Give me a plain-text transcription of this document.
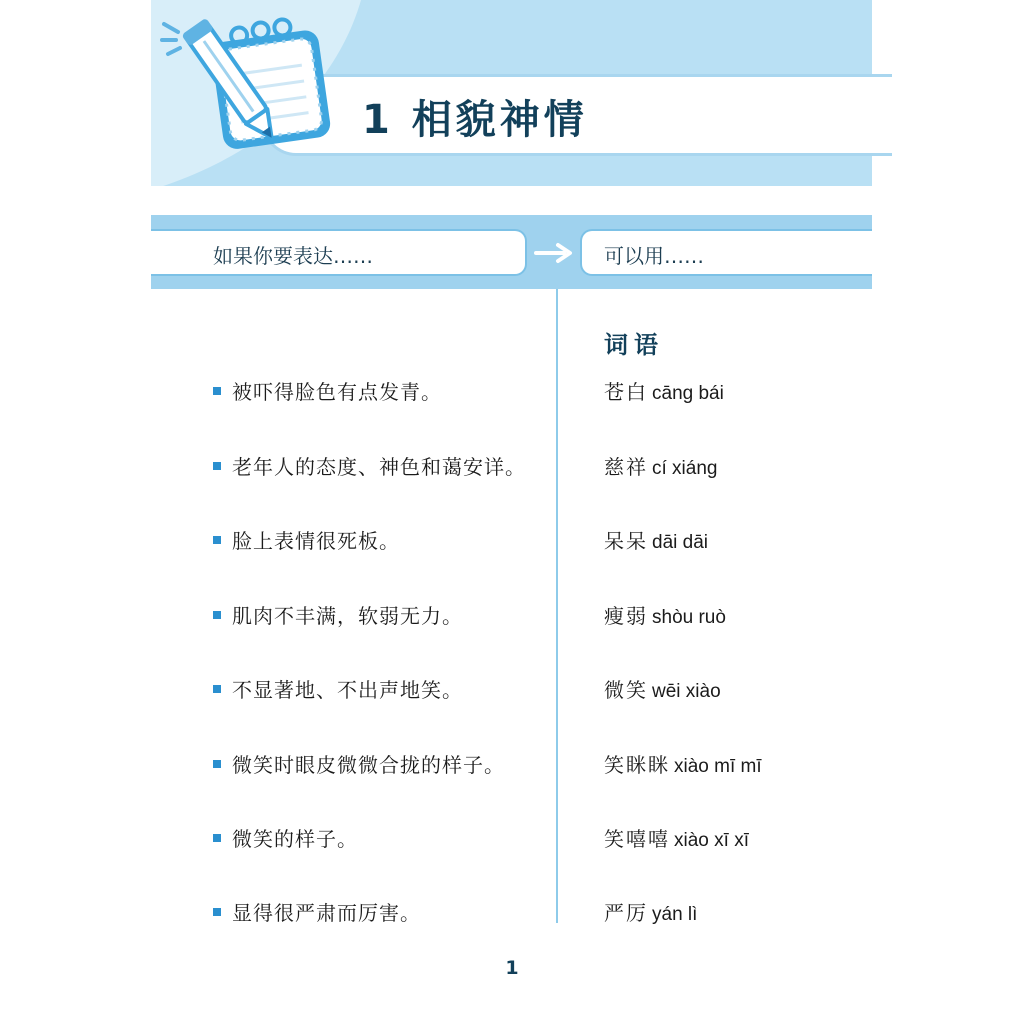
1 相貌神情
如果你要表达……	可以用……
词语
被吓得脸色有点发青。	苍白 cāng bái
老年人的态度、神色和蔼安详。	慈祥 cí xiáng
脸上表情很死板。	呆呆 dāi dāi
肌肉不丰满，软弱无力。	瘦弱 shòu ruò
不显著地、不出声地笑。	微笑 wēi xiào
微笑时眼皮微微合拢的样子。	笑眯眯 xiào mī mī
微笑的样子。	笑嘻嘻 xiào xī xī
显得很严肃而厉害。	严厉 yán lì
1
